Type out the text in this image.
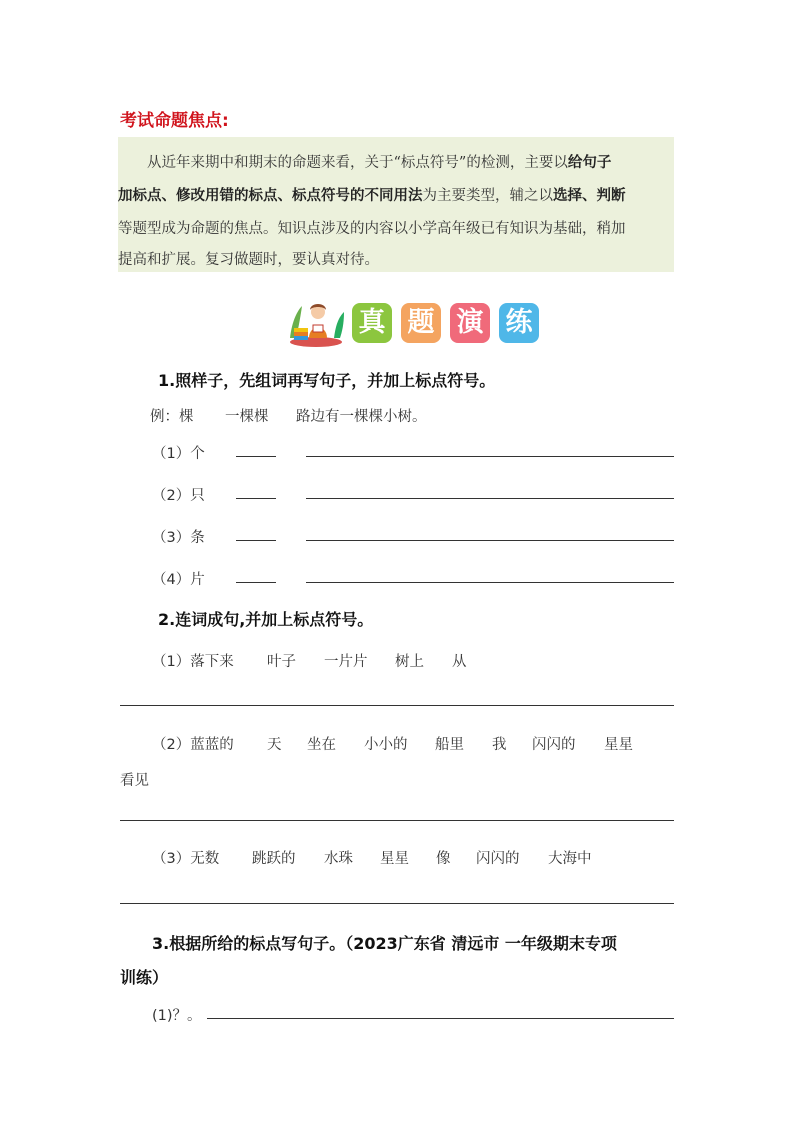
考试命题焦点:
　　从近年来期中和期末的命题来看，关于“标点符号”的检测，主要以给句子
加标点、修改用错的标点、标点符号的不同用法为主要类型，辅之以选择、判断
等题型成为命题的焦点。知识点涉及的内容以小学高年级已有知识为基础，稍加
提高和扩展。复习做题时，要认真对待。
真 题 演 练
1.照样子，先组词再写句子，并加上标点符号。
例：棵 一棵棵 路边有一棵棵小树。
（1）个
（2）只
（3）条
（4）片
2.连词成句,并加上标点符号。
（1）落下来 叶子 一片片 树上 从
（2）蓝蓝的 天 坐在 小小的 船里 我 闪闪的 星星
看见
（3）无数 跳跃的 水珠 星星 像 闪闪的 大海中
3.根据所给的标点写句子。（2023广东省 清远市 一年级期末专项
训练）
(1)？。
